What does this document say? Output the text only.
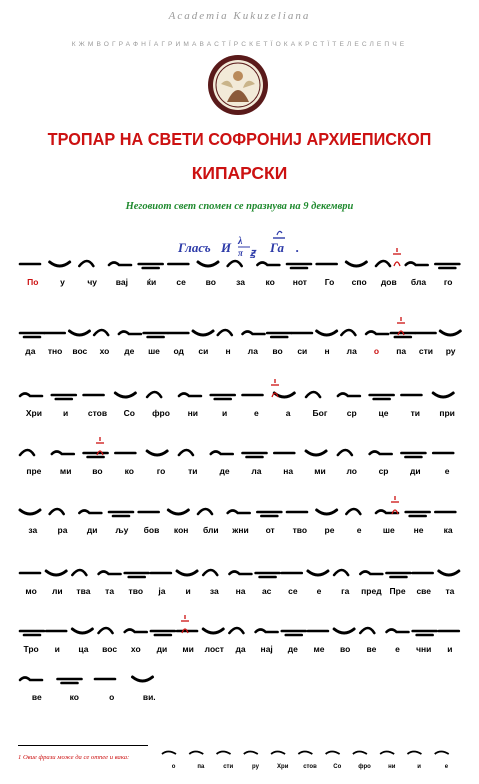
Academia Kukuzeliana
КЖМВОГРАФНЇАГРИМАВАСТЇРСКЕТЇОКАКРСТЇТЕЛЕСЛЕПЧЕ
ТРОПАР НА СВЕТИ СОФРОНИЈ АРХИЕПИСКОП
КИПАРСКИ
Неговиот свет спомен се празнува на 9 декември
Гласъ И λ
π ꙃ Га .
По	у	чу вај ќи се во за ко нот Го спо дов бла го
да тно вос хо де ше од си н ла во си н ла о па сти ру
Хри и стов Со фро ни	и	е	а	Бог ср	це	ти при
пре ми во	ко	го	ти	де	ла	на ми ло	ср	ди	е
за ра ди љу бов кон бли жни от тво ре	е	ше не ка
мо ли тва та тво ја и за на ас се е га пред Пре све та
Тро и ца вос хо ди ми лост да нај де мe во ве е чни и
ве	ко	о	ви.
1 Овие фрази може да се отпее и вака:
о	па	сти	ру	Хри стов	Со	фро	ни	и	е
